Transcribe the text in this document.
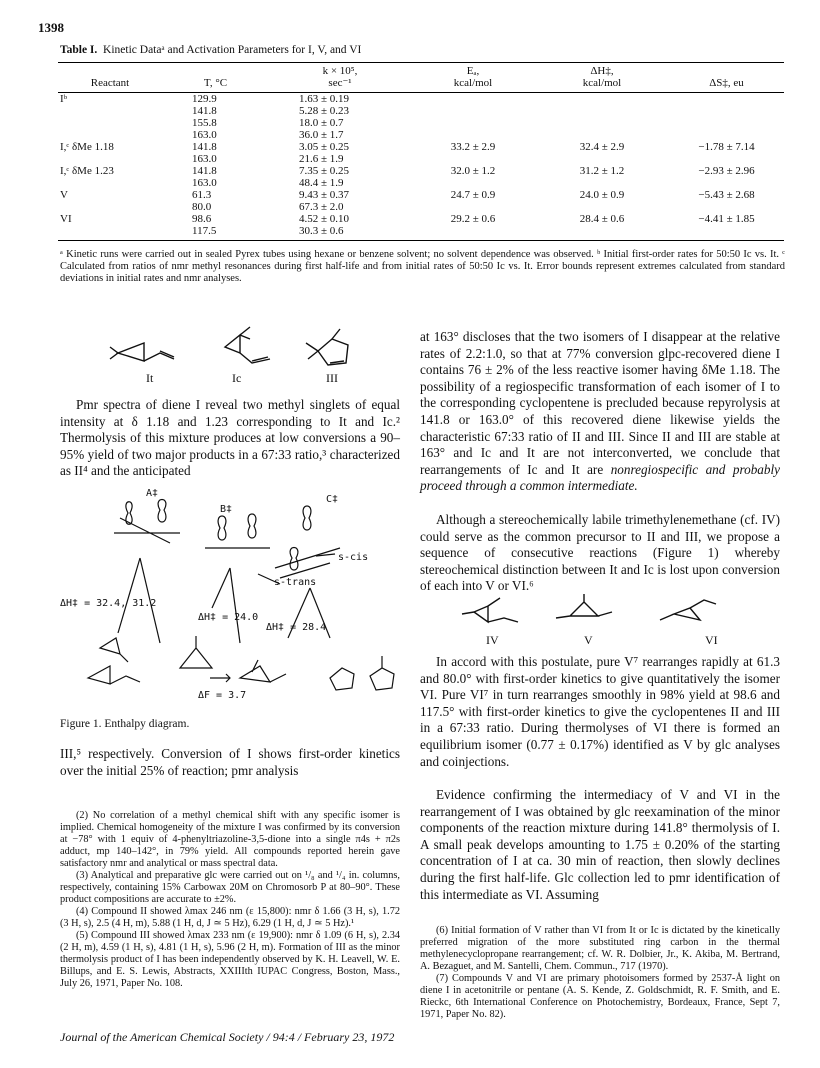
1398
Table I. Kinetic Dataᵃ and Activation Parameters for I, V, and VI
		k × 10⁵,	Eₐ,	ΔH‡,	
Reactant	T, °C	sec⁻¹	kcal/mol	kcal/mol	ΔS‡, eu
Iᵇ	129.9	1.63 ± 0.19			
	141.8	5.28 ± 0.23			
	155.8	18.0 ± 0.7			
	163.0	36.0 ± 1.7			
I,ᶜ δMe 1.18	141.8	3.05 ± 0.25	33.2 ± 2.9	32.4 ± 2.9	−1.78 ± 7.14
	163.0	21.6 ± 1.9			
I,ᶜ δMe 1.23	141.8	7.35 ± 0.25	32.0 ± 1.2	31.2 ± 1.2	−2.93 ± 2.96
	163.0	48.4 ± 1.9			
V	61.3	9.43 ± 0.37	24.7 ± 0.9	24.0 ± 0.9	−5.43 ± 2.68
	80.0	67.3 ± 2.0			
VI	98.6	4.52 ± 0.10	29.2 ± 0.6	28.4 ± 0.6	−4.41 ± 1.85
	117.5	30.3 ± 0.6			
ᵃ Kinetic runs were carried out in sealed Pyrex tubes using hexane or benzene solvent; no solvent dependence was observed. ᵇ Initial first-order rates for 50:50 Ic vs. It. ᶜ Calculated from ratios of nmr methyl resonances during first half-life and from initial rates of 50:50 Ic vs. It. Error bounds represent extremes calculated from standard deviations in initial rates and nmr analyses.
It	Ic	III
Pmr spectra of diene I reveal two methyl singlets of equal intensity at δ 1.18 and 1.23 corresponding to It and Ic.² Thermolysis of this mixture produces at low conversions a 90–95% yield of two major products in a 67:33 ratio,³ characterized as II⁴ and the anticipated
A‡
B‡
C‡
s-cis
s-trans
ΔH‡ = 32.4, 31.2
ΔH‡ = 24.0
ΔH‡ = 28.4
ΔF = 3.7
Figure 1. Enthalpy diagram.
III,⁵ respectively. Conversion of I shows first-order kinetics over the initial 25% of reaction; pmr analysis

(2) No correlation of a methyl chemical shift with any specific isomer is implied. Chemical homogeneity of the mixture I was confirmed by its conversion at −78° with 1 equiv of 4-phenyltriazoline-3,5-dione into a single π4s + π2s adduct, mp 140–142°, in 79% yield. All compounds reported herein gave satisfactory nmr and analytical or mass spectral data.

(3) Analytical and preparative glc were carried out on ¹/₈ and ¹/₄ in. columns, respectively, containing 15% Carbowax 20M on Chromosorb P at 80–90°. These product compositions are accurate to ±2%.

(4) Compound II showed λmax 246 nm (ε 15,800): nmr δ 1.66 (3 H, s), 1.72 (3 H, s), 2.5 (4 H, m), 5.88 (1 H, d, J ≃ 5 Hz), 6.29 (1 H, d, J ≃ 5 Hz).¹

(5) Compound III showed λmax 233 nm (ε 19,900): nmr δ 1.09 (6 H, s), 2.34 (2 H, m), 4.59 (1 H, s), 4.81 (1 H, s), 5.96 (2 H, m). Formation of III as the minor thermolysis product of I has been independently observed by K. H. Leavell, W. E. Billups, and E. S. Lewis, Abstracts, XXIIIth IUPAC Congress, Boston, Mass., July 26, 1971, Paper No. 108.

at 163° discloses that the two isomers of I disappear at the relative rates of 2.2:1.0, so that at 77% conversion glpc-recovered diene I contains 76 ± 2% of the less reactive isomer having δMe 1.18. The possibility of a regiospecific transformation of each isomer of I to the corresponding cyclopentene is precluded because repyrolysis at 141.8 or 163.0° of this recovered diene likewise yields the characteristic 67:33 ratio of II and III. Since II and III are stable at 163° and Ic and It are not interconverted, we conclude that rearrangements of Ic and It are nonregiospecific and probably proceed through a common intermediate.
Although a stereochemically labile trimethylenemethane (cf. IV) could serve as the common precursor to II and III, we propose a sequence of consecutive reactions (Figure 1) whereby stereochemical distinction between It and Ic is lost upon conversion of each into V or VI.⁶
IV	V	VI
In accord with this postulate, pure V⁷ rearranges rapidly at 61.3 and 80.0° with first-order kinetics to give quantitatively the isomer VI. Pure VI⁷ in turn rearranges smoothly in 98% yield at 98.6 and 117.5° with first-order kinetics to give the cyclopentenes II and III in a 67:33 ratio. During thermolyses of VI there is formed an equilibrium isomer (0.77 ± 0.17%) identified as V by glc analyses and coinjections.
Evidence confirming the intermediacy of V and VI in the rearrangement of I was obtained by glc reexamination of the minor components of the reaction mixture during 141.8° thermolysis of I. A small peak develops amounting to 1.75 ± 0.20% of the starting concentration of I at ca. 30 min of reaction, then slowly declines during the first half-life. Glc collection led to pmr identification of this intermediate as VI. Assuming

(6) Initial formation of V rather than VI from It or Ic is dictated by the kinetically preferred migration of the more substituted ring carbon in the thermal methylenecyclopropane rearrangement; cf. W. R. Dolbier, Jr., K. Akiba, M. Bertrand, A. Bezaguet, and M. Santelli, Chem. Commun., 717 (1970).

(7) Compounds V and VI are primary photoisomers formed by 2537-Å light on diene I in acetonitrile or pentane (A. S. Kende, Z. Goldschmidt, R. F. Smith, and E. Rieckc, 6th International Conference on Photochemistry, Bordeaux, France, Sept 7, 1971, Paper No. 82).

Journal of the American Chemical Society / 94:4 / February 23, 1972
